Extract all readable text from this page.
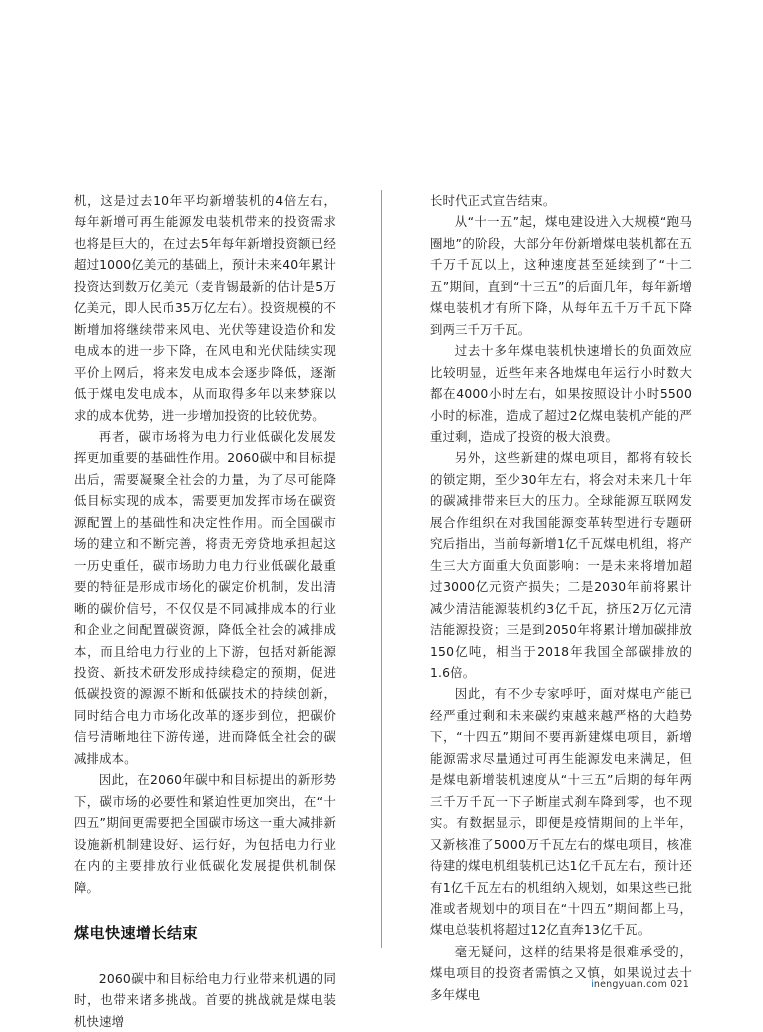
机，这是过去10年平均新增装机的4倍左右，每年新增可再生能源发电装机带来的投资需求也将是巨大的，在过去5年每年新增投资额已经超过1000亿美元的基础上，预计未来40年累计投资达到数万亿美元（麦肯锡最新的估计是5万亿美元，即人民币35万亿左右）。投资规模的不断增加将继续带来风电、光伏等建设造价和发电成本的进一步下降，在风电和光伏陆续实现平价上网后，将来发电成本会逐步降低，逐渐低于煤电发电成本，从而取得多年以来梦寐以求的成本优势，进一步增加投资的比较优势。

再者，碳市场将为电力行业低碳化发展发挥更加重要的基础性作用。2060碳中和目标提出后，需要凝聚全社会的力量，为了尽可能降低目标实现的成本，需要更加发挥市场在碳资源配置上的基础性和决定性作用。而全国碳市场的建立和不断完善，将责无旁贷地承担起这一历史重任，碳市场助力电力行业低碳化最重要的特征是形成市场化的碳定价机制，发出清晰的碳价信号，不仅仅是不同减排成本的行业和企业之间配置碳资源，降低全社会的减排成本，而且给电力行业的上下游，包括对新能源投资、新技术研发形成持续稳定的预期，促进低碳投资的源源不断和低碳技术的持续创新，同时结合电力市场化改革的逐步到位，把碳价信号清晰地往下游传递，进而降低全社会的碳减排成本。

因此，在2060年碳中和目标提出的新形势下，碳市场的必要性和紧迫性更加突出，在“十四五”期间更需要把全国碳市场这一重大减排新设施新机制建设好、运行好，为包括电力行业在内的主要排放行业低碳化发展提供机制保障。

煤电快速增长结束

2060碳中和目标给电力行业带来机遇的同时，也带来诸多挑战。首要的挑战就是煤电装机快速增

长时代正式宣告结束。

从“十一五”起，煤电建设进入大规模“跑马圈地”的阶段，大部分年份新增煤电装机都在五千万千瓦以上，这种速度甚至延续到了“十二五”期间，直到“十三五”的后面几年，每年新增煤电装机才有所下降，从每年五千万千瓦下降到两三千万千瓦。

过去十多年煤电装机快速增长的负面效应比较明显，近些年来各地煤电年运行小时数大都在4000小时左右，如果按照设计小时5500小时的标准，造成了超过2亿煤电装机产能的严重过剩，造成了投资的极大浪费。

另外，这些新建的煤电项目，都将有较长的锁定期，至少30年左右，将会对未来几十年的碳减排带来巨大的压力。全球能源互联网发展合作组织在对我国能源变革转型进行专题研究后指出，当前每新增1亿千瓦煤电机组，将产生三大方面重大负面影响：一是未来将增加超过3000亿元资产损失；二是2030年前将累计减少清洁能源装机约3亿千瓦，挤压2万亿元清洁能源投资；三是到2050年将累计增加碳排放150亿吨，相当于2018年我国全部碳排放的1.6倍。

因此，有不少专家呼吁，面对煤电产能已经严重过剩和未来碳约束越来越严格的大趋势下，“十四五”期间不要再新建煤电项目，新增能源需求尽量通过可再生能源发电来满足，但是煤电新增装机速度从“十三五”后期的每年两三千万千瓦一下子断崖式刹车降到零，也不现实。有数据显示，即便是疫情期间的上半年，又新核准了5000万千瓦左右的煤电项目，核准待建的煤电机组装机已达1亿千瓦左右，预计还有1亿千瓦左右的机组纳入规划，如果这些已批准或者规划中的项目在“十四五”期间都上马，煤电总装机将超过12亿直奔13亿千瓦。

毫无疑问，这样的结果将是很难承受的，煤电项目的投资者需慎之又慎，如果说过去十多年煤电

inengyuan.com 021
